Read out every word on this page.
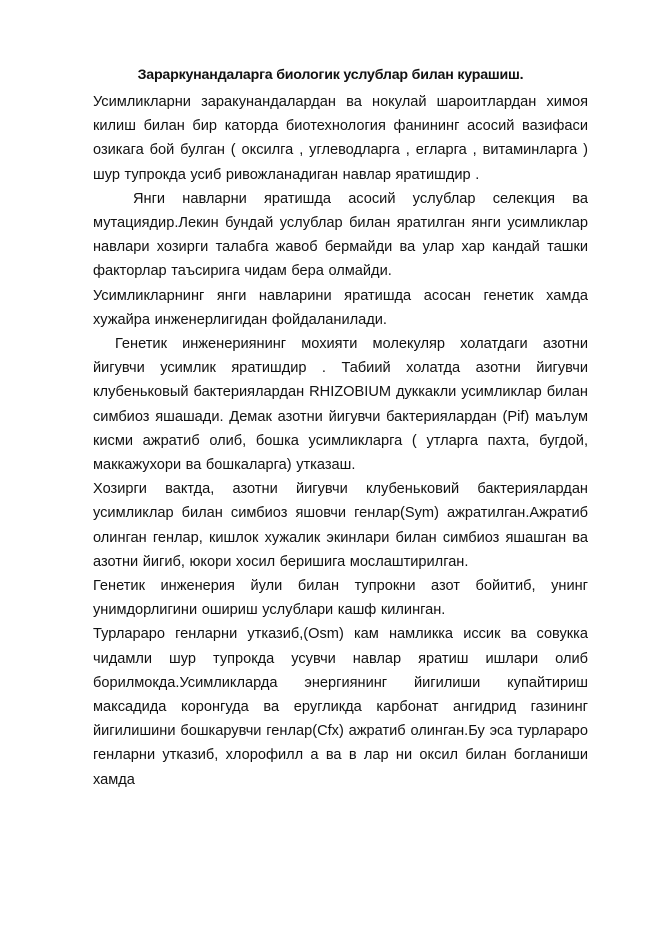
Зараркунандаларга биологик услублар билан курашиш.

Усимликларни заракунандалардан ва нокулай шароитлардан химоя килиш билан бир каторда биотехнология фанининг асосий вазифаси озикага бой булган ( оксилга , углеводларга , егларга , витаминларга ) шур тупрокда усиб ривожланадиган навлар яратишдир .

Янги навларни яратишда асосий услублар селекция ва мутациядир.Лекин бундай услублар билан яратилган янги усимликлар навлари хозирги талабга жавоб бермайди ва улар хар кандай ташки факторлар таъсирига чидам бера олмайди.

Усимликларнинг янги навларини яратишда асосан генетик хамда хужайра инженерлигидан фойдаланилади.

Генетик инженериянинг мохияти молекуляр холатдаги азотни йигувчи усимлик яратишдир . Табиий холатда азотни йигувчи клубеньковый бактериялардан RHIZOBIUM дуккакли усимликлар билан симбиоз яшашади. Демак азотни йигувчи бактериялардан (Pif) маълум кисми ажратиб олиб, бошка усимликларга ( утларга пахта, бугдой, маккажухори ва бошкаларга) утказаш.

Хозирги вактда, азотни йигувчи клубеньковий бактериялардан усимликлар билан симбиоз яшовчи генлар(Sym) ажратилган.Ажратиб олинган генлар, кишлок хужалик экинлари билан симбиоз яшашган ва азотни йигиб, юкори хосил беришига мослаштирилган.

Генетик инженерия йули билан тупрокни азот бойитиб, унинг унимдорлигини ошириш услублари кашф килинган.

Турлараро генларни утказиб,(Osm) кам намликка иссик ва совукка чидамли шур тупрокда усувчи навлар яратиш ишлари олиб борилмокда.Усимликларда энергиянинг йигилиши купайтириш максадида коронгуда ва еругликда карбонат ангидрид газининг йигилишини бошкарувчи генлар(Cfx) ажратиб олинган.Бу эса турлараро генларни утказиб, хлорофилл а ва в лар ни оксил билан богланиши хамда
